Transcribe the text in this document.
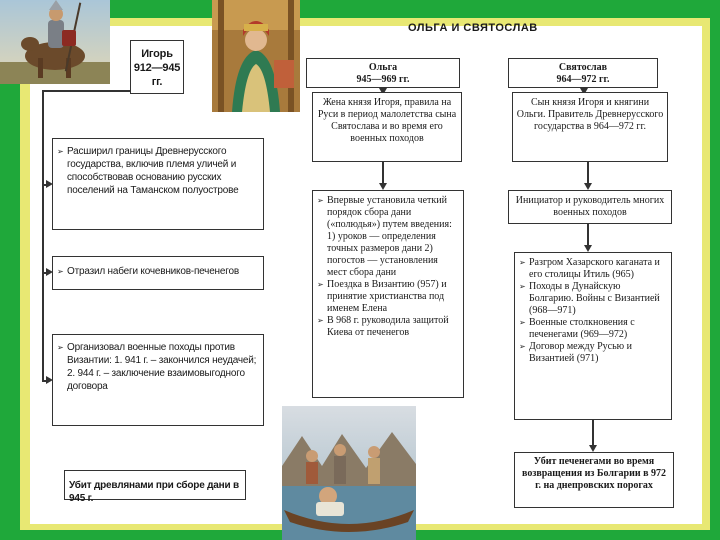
ОЛЬГА И СВЯТОСЛАВ
Игорь
912—945 гг.
➢ Расширил границы Древнерусского государства, включив племя уличей и способствовав основанию русских поселений на Таманском полуострове
➢ Отразил набеги кочевников-печенегов
➢ Организовал военные походы против Византии: 1. 941 г. – закончился неудачей; 2. 944 г. – заключение взаимовыгодного договора
Убит древлянами при сборе дани в 945 г.
Ольга
945—969 гг.
Жена князя Игоря, правила на Руси в период малолетства сына Святослава и во время его военных походов
➢ Впервые установила четкий порядок сбора дани («полюдья») путем введения: 1) уроков — определения точных размеров дани 2) погостов — установления мест сбора дани
➢ Поездка в Византию (957) и принятие христианства под именем Елена
➢ В 968 г. руководила защитой Киева от печенегов
Святослав
964—972 гг.
Сын князя Игоря и княгини Ольги. Правитель Древнерусского государства в 964—972 гг.
Инициатор и руководитель многих военных походов
➢ Разгром Хазарского каганата и его столицы Итиль (965)
➢ Походы в Дунайскую Болгарию. Войны с Византией (968—971)
➢ Военные столкновения с печенегами (969—972)
➢ Договор между Русью и Византией (971)
Убит печенегами во время возвращения из Болгарии в 972 г. на днепровских порогах
